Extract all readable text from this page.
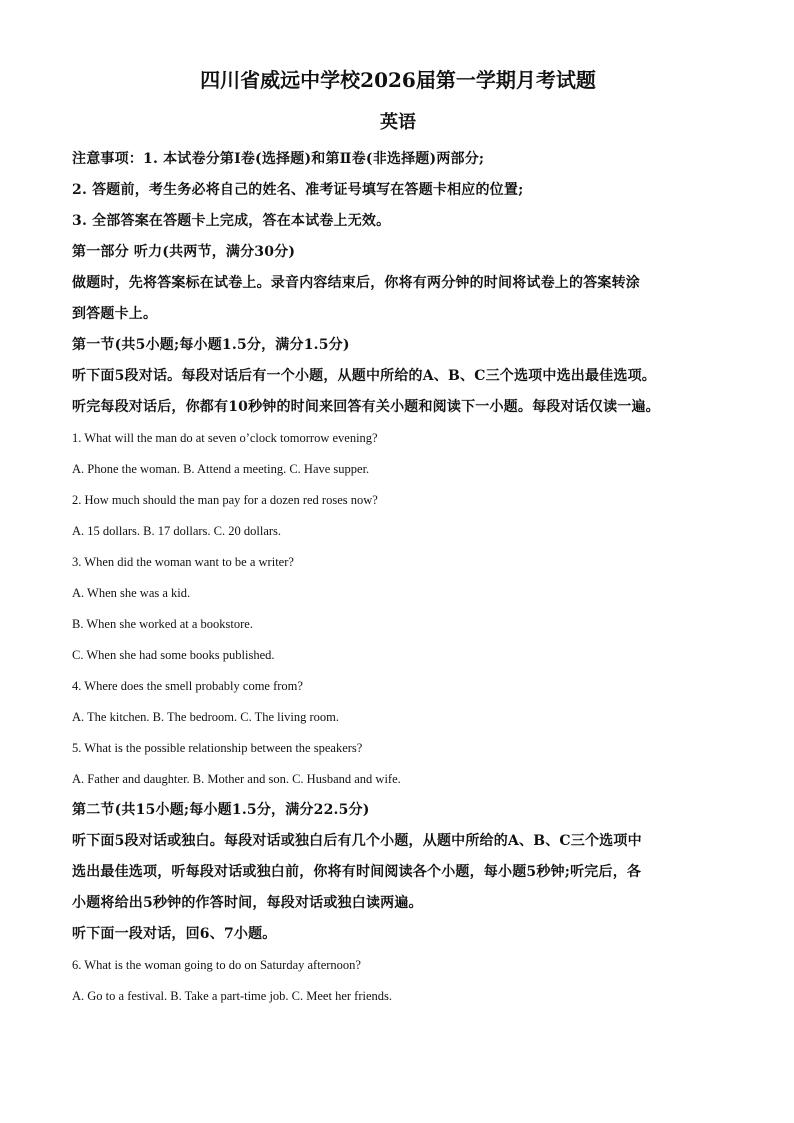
四川省威远中学校2026届第一学期月考试题
英语

注意事项：1. 本试卷分第Ⅰ卷(选择题)和第Ⅱ卷(非选择题)两部分;

2. 答题前，考生务必将自己的姓名、准考证号填写在答题卡相应的位置;

3. 全部答案在答题卡上完成，答在本试卷上无效。

第一部分 听力(共两节，满分30分)

做题时，先将答案标在试卷上。录音内容结束后，你将有两分钟的时间将试卷上的答案转涂

到答题卡上。

第一节(共5小题;每小题1.5分，满分1.5分)

听下面5段对话。每段对话后有一个小题，从题中所给的A、B、C三个选项中选出最佳选项。

听完每段对话后，你都有10秒钟的时间来回答有关小题和阅读下一小题。每段对话仅读一遍。

1. What will the man do at seven o’clock tomorrow evening?

A. Phone the woman. B. Attend a meeting. C. Have supper.

2. How much should the man pay for a dozen red roses now?

A. 15 dollars. B. 17 dollars. C. 20 dollars.

3. When did the woman want to be a writer?

A. When she was a kid.

B. When she worked at a bookstore.

C. When she had some books published.

4. Where does the smell probably come from?

A. The kitchen. B. The bedroom. C. The living room.

5. What is the possible relationship between the speakers?

A. Father and daughter. B. Mother and son. C. Husband and wife.

第二节(共15小题;每小题1.5分，满分22.5分)

听下面5段对话或独白。每段对话或独白后有几个小题，从题中所给的A、B、C三个选项中

选出最佳选项，听每段对话或独白前，你将有时间阅读各个小题，每小题5秒钟;听完后，各

小题将给出5秒钟的作答时间，每段对话或独白读两遍。

听下面一段对话，回6、7小题。

6. What is the woman going to do on Saturday afternoon?

A. Go to a festival. B. Take a part-time job. C. Meet her friends.
